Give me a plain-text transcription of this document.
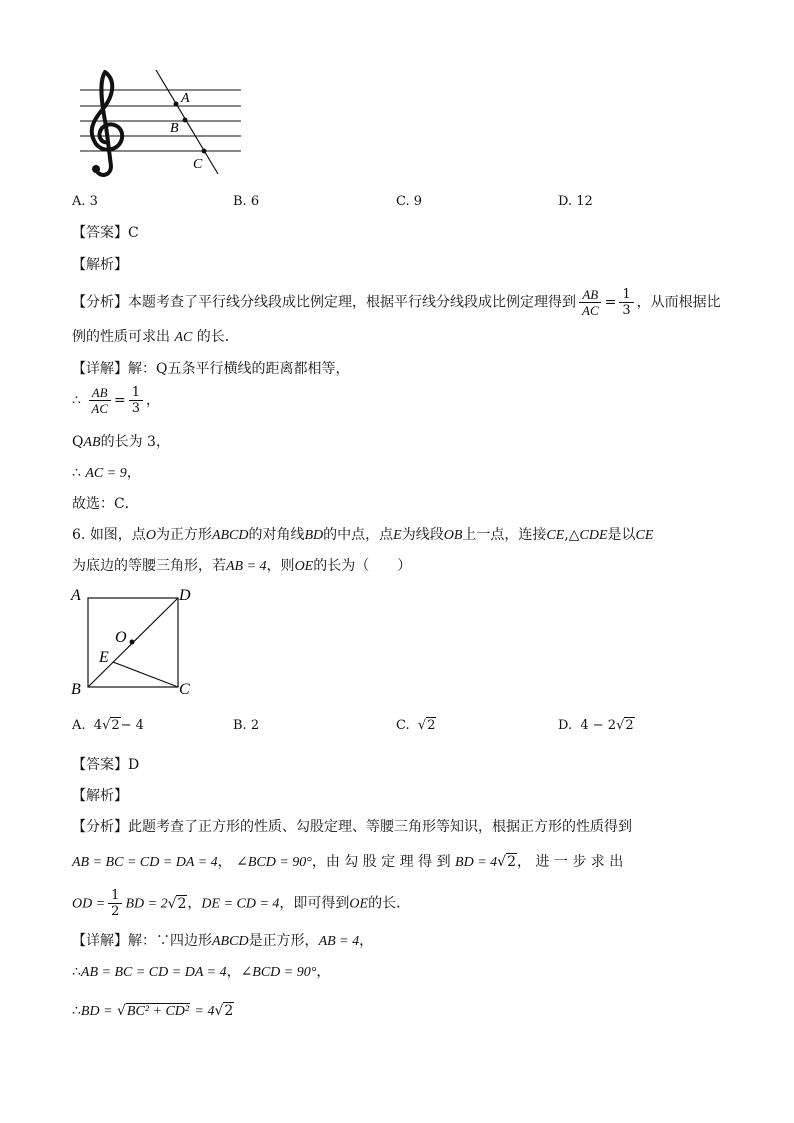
A
B
C
A. 3	B. 6	C. 9	D. 12
【答案】C
【解析】
【分析】本题考查了平行线分线段成比例定理，根据平行线分线段成比例定理得到 $\frac{AB}{AC} = \frac{1}{3}$ ，从而根据比
例的性质可求出 AC 的长．
【详解】解：Q五条平行横线的距离都相等，
∴ $\frac{AB}{AC} = \frac{1}{3}$ ，
QAB的长为 3，
∴ AC = 9，
故选：C．
6. 如图，点O为正方形ABCD的对角线BD的中点，点E为线段OB上一点，连接CE,△CDE是以CE
为底边的等腰三角形，若AB = 4，则OE的长为（　　）
A	D
O
E
B	C
A. 4√2− 4	B. 2	C. √2	D. 4 − 2√2
【答案】D
【解析】
【分析】此题考查了正方形的性质、勾股定理、等腰三角形等知识，根据正方形的性质得到
AB = BC = CD = DA = 4， ∠BCD = 90°，由 勾 股 定 理 得 到 BD = 4√2， 进 一 步 求 出
OD = $\frac{1}{2}$ BD = 2√2，DE = CD = 4，即可得到OE的长．
【详解】解：∵四边形ABCD是正方形，AB = 4，
∴AB = BC = CD = DA = 4，∠BCD = 90°，
∴BD = √BC² + CD² = 4√2
